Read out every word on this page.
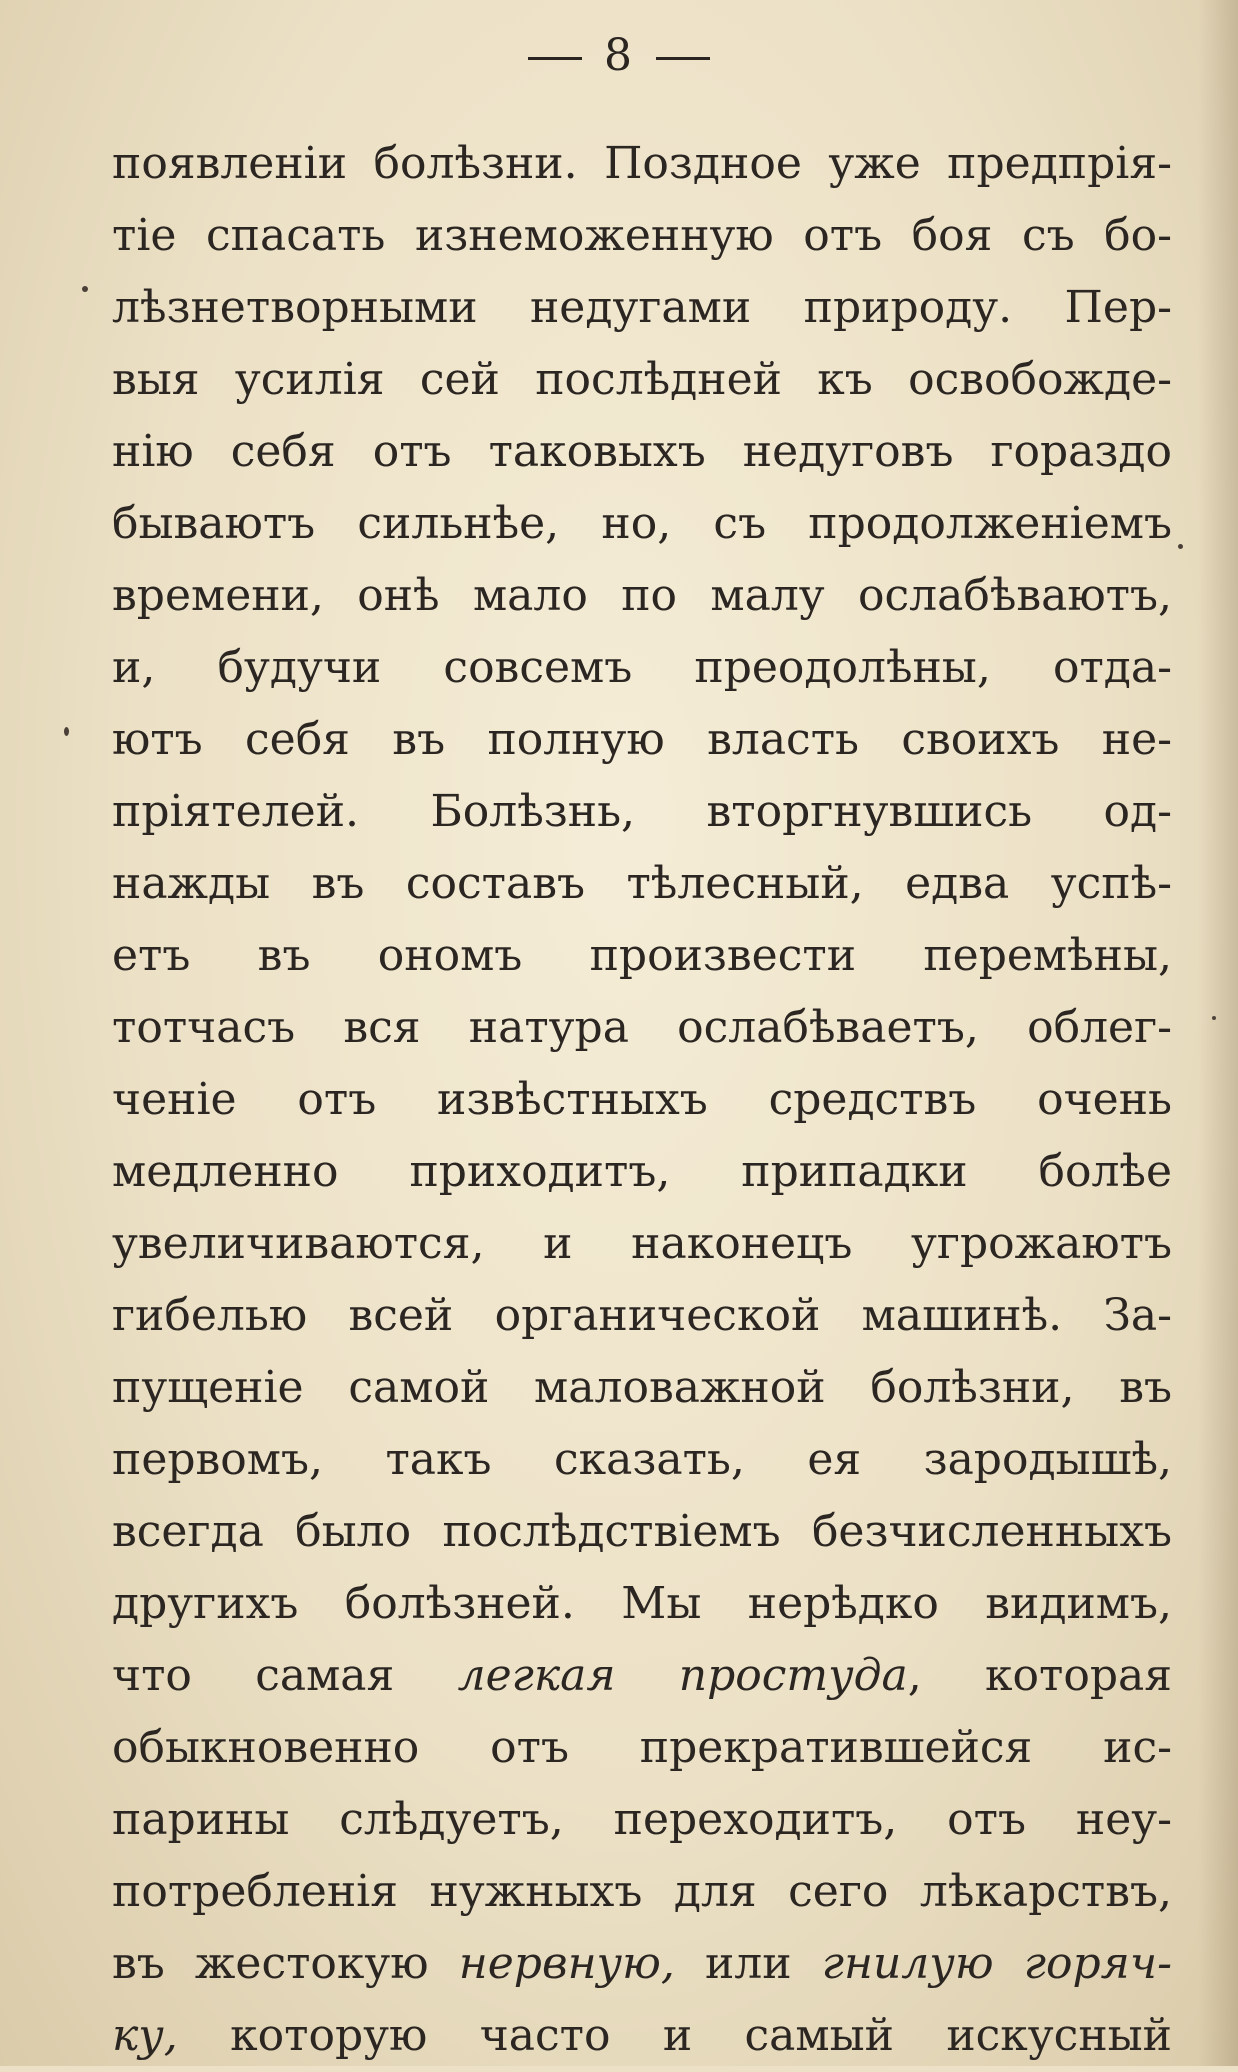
8
появленіи болѣзни. Поздное уже предпрія-
тіе спасать изнеможенную отъ боя съ бо-
лѣзнетворными недугами природу. Пер-
выя усилія сей послѣдней къ освобожде-
нію себя отъ таковыхъ недуговъ гораздо
бываютъ сильнѣе, но, съ продолженіемъ
времени, онѣ мало по малу ослабѣваютъ,
и, будучи совсемъ преодолѣны, отда-
ютъ себя въ полную власть своихъ не-
пріятелей. Болѣзнь, вторгнувшись од-
нажды въ составъ тѣлесный, едва успѣ-
етъ въ ономъ произвести перемѣны,
тотчасъ вся натура ослабѣваетъ, облег-
ченіе отъ извѣстныхъ средствъ очень
медленно приходитъ, припадки болѣе
увеличиваются, и наконецъ угрожаютъ
гибелью всей органической машинѣ. За-
пущеніе самой маловажной болѣзни, въ
первомъ, такъ сказать, ея зародышѣ,
всегда было послѣдствіемъ безчисленныхъ
другихъ болѣзней. Мы нерѣдко видимъ,
что самая легкая простуда, которая
обыкновенно отъ прекратившейся ис-
парины слѣдуетъ, переходитъ, отъ неу-
потребленія нужныхъ для сего лѣкарствъ,
въ жестокую нервную, или гнилую горяч-
ку, которую часто и самый искусный
